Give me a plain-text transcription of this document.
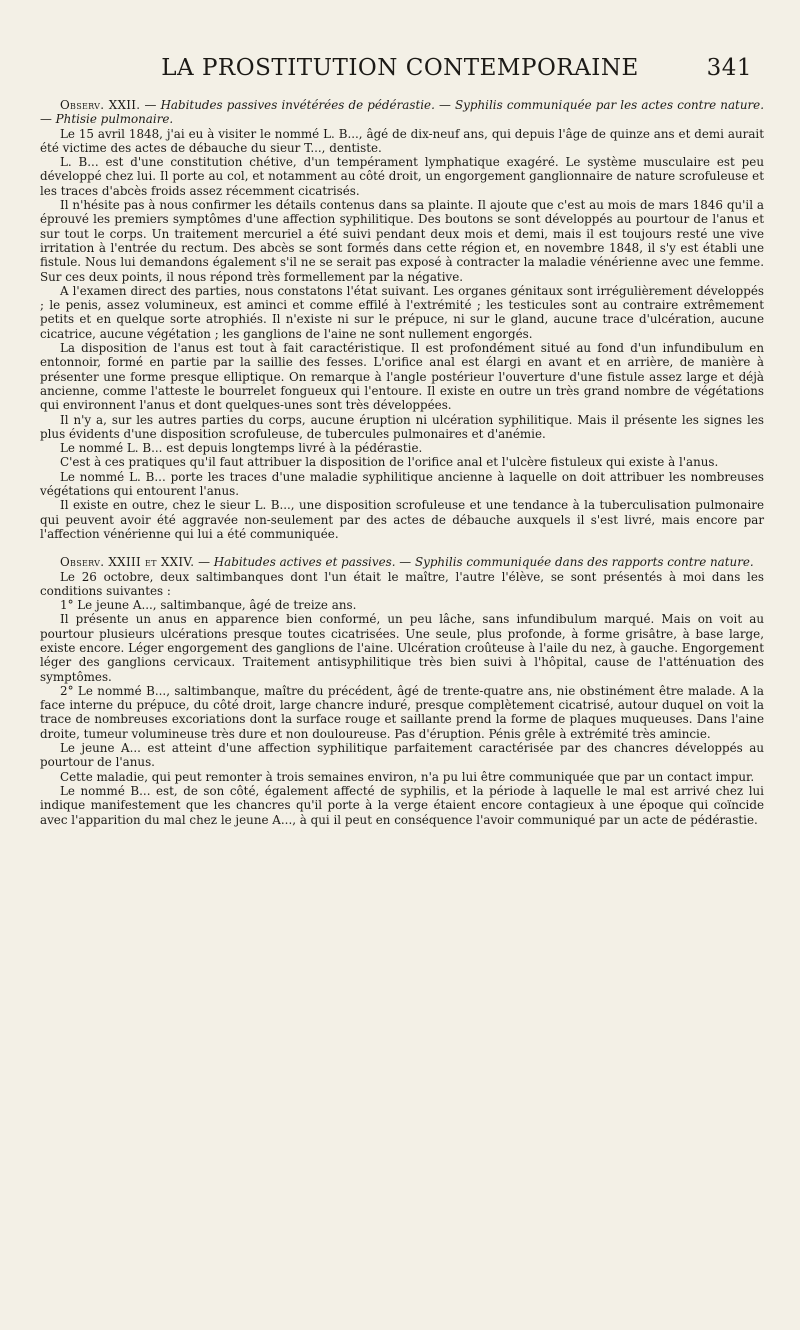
LA PROSTITUTION CONTEMPORAINE	341

Observ. XXII. — Habitudes passives invétérées de pédérastie. — Syphilis communiquée par les actes contre nature. — Phtisie pulmonaire.

Le 15 avril 1848, j'ai eu à visiter le nommé L. B..., âgé de dix-neuf ans, qui depuis l'âge de quinze ans et demi aurait été victime des actes de débauche du sieur T..., dentiste.

L. B... est d'une constitution chétive, d'un tempérament lymphatique exagéré. Le système musculaire est peu développé chez lui. Il porte au col, et notamment au côté droit, un engorgement ganglionnaire de nature scrofuleuse et les traces d'abcès froids assez récemment cicatrisés.

Il n'hésite pas à nous confirmer les détails contenus dans sa plainte. Il ajoute que c'est au mois de mars 1846 qu'il a éprouvé les premiers symptômes d'une affection syphilitique. Des boutons se sont développés au pourtour de l'anus et sur tout le corps. Un traitement mercuriel a été suivi pendant deux mois et demi, mais il est toujours resté une vive irritation à l'entrée du rectum. Des abcès se sont formés dans cette région et, en novembre 1848, il s'y est établi une fistule. Nous lui demandons également s'il ne se serait pas exposé à contracter la maladie vénérienne avec une femme. Sur ces deux points, il nous répond très formellement par la négative.

A l'examen direct des parties, nous constatons l'état suivant. Les organes génitaux sont irrégulièrement développés ; le penis, assez volumineux, est aminci et comme effilé à l'extrémité ; les testicules sont au contraire extrêmement petits et en quelque sorte atrophiés. Il n'existe ni sur le prépuce, ni sur le gland, aucune trace d'ulcération, aucune cicatrice, aucune végétation ; les ganglions de l'aine ne sont nullement engorgés.

La disposition de l'anus est tout à fait caractéristique. Il est profondément situé au fond d'un infundibulum en entonnoir, formé en partie par la saillie des fesses. L'orifice anal est élargi en avant et en arrière, de manière à présenter une forme presque elliptique. On remarque à l'angle postérieur l'ouverture d'une fistule assez large et déjà ancienne, comme l'atteste le bourrelet fongueux qui l'entoure. Il existe en outre un très grand nombre de végétations qui environnent l'anus et dont quelques-unes sont très développées.

Il n'y a, sur les autres parties du corps, aucune éruption ni ulcération syphilitique. Mais il présente les signes les plus évidents d'une disposition scrofuleuse, de tubercules pulmonaires et d'anémie.

Le nommé L. B... est depuis longtemps livré à la pédérastie.

C'est à ces pratiques qu'il faut attribuer la disposition de l'orifice anal et l'ulcère fistuleux qui existe à l'anus.

Le nommé L. B... porte les traces d'une maladie syphilitique ancienne à laquelle on doit attribuer les nombreuses végétations qui entourent l'anus.

Il existe en outre, chez le sieur L. B..., une disposition scrofuleuse et une tendance à la tuberculisation pulmonaire qui peuvent avoir été aggravée non-seulement par des actes de débauche auxquels il s'est livré, mais encore par l'affection vénérienne qui lui a été communiquée.

Observ. XXIII et XXIV. — Habitudes actives et passives. — Syphilis communiquée dans des rapports contre nature.

Le 26 octobre, deux saltimbanques dont l'un était le maître, l'autre l'élève, se sont présentés à moi dans les conditions suivantes :

1° Le jeune A..., saltimbanque, âgé de treize ans.

Il présente un anus en apparence bien conformé, un peu lâche, sans infundibulum marqué. Mais on voit au pourtour plusieurs ulcérations presque toutes cicatrisées. Une seule, plus profonde, à forme grisâtre, à base large, existe encore. Léger engorgement des ganglions de l'aine. Ulcération croûteuse à l'aile du nez, à gauche. Engorgement léger des ganglions cervicaux. Traitement antisyphilitique très bien suivi à l'hôpital, cause de l'atténuation des symptômes.

2° Le nommé B..., saltimbanque, maître du précédent, âgé de trente-quatre ans, nie obstinément être malade. A la face interne du prépuce, du côté droit, large chancre induré, presque complètement cicatrisé, autour duquel on voit la trace de nombreuses excoriations dont la surface rouge et saillante prend la forme de plaques muqueuses. Dans l'aine droite, tumeur volumineuse très dure et non douloureuse. Pas d'éruption. Pénis grêle à extrémité très amincie.

Le jeune A... est atteint d'une affection syphilitique parfaitement caractérisée par des chancres développés au pourtour de l'anus.

Cette maladie, qui peut remonter à trois semaines environ, n'a pu lui être communiquée que par un contact impur.

Le nommé B... est, de son côté, également affecté de syphilis, et la période à laquelle le mal est arrivé chez lui indique manifestement que les chancres qu'il porte à la verge étaient encore contagieux à une époque qui coïncide avec l'apparition du mal chez le jeune A..., à qui il peut en conséquence l'avoir communiqué par un acte de pédérastie.
